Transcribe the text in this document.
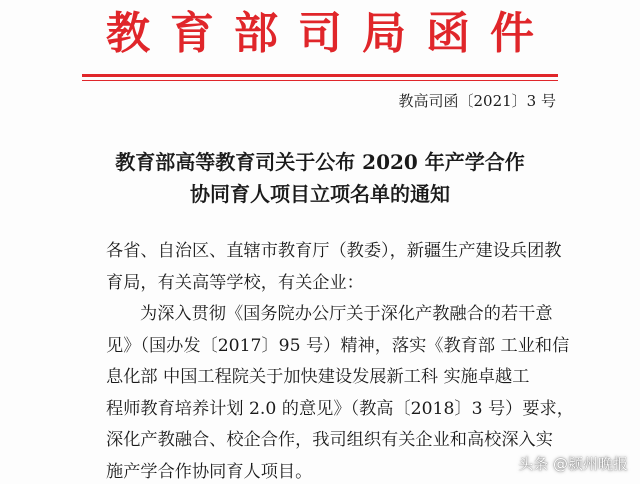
教育部司局函件
教高司函〔2021〕3 号
教育部高等教育司关于公布 2020 年产学合作
协同育人项目立项名单的通知
各省、自治区、直辖市教育厅（教委），新疆生产建设兵团教
育局，有关高等学校，有关企业：
为深入贯彻《国务院办公厅关于深化产教融合的若干意
见》（国办发〔2017〕95 号）精神，落实《教育部 工业和信
息化部 中国工程院关于加快建设发展新工科 实施卓越工
程师教育培养计划 2.0 的意见》（教高〔2018〕3 号）要求，
深化产教融合、校企合作，我司组织有关企业和高校深入实
施产学合作协同育人项目。	头条 @颍州晚报
